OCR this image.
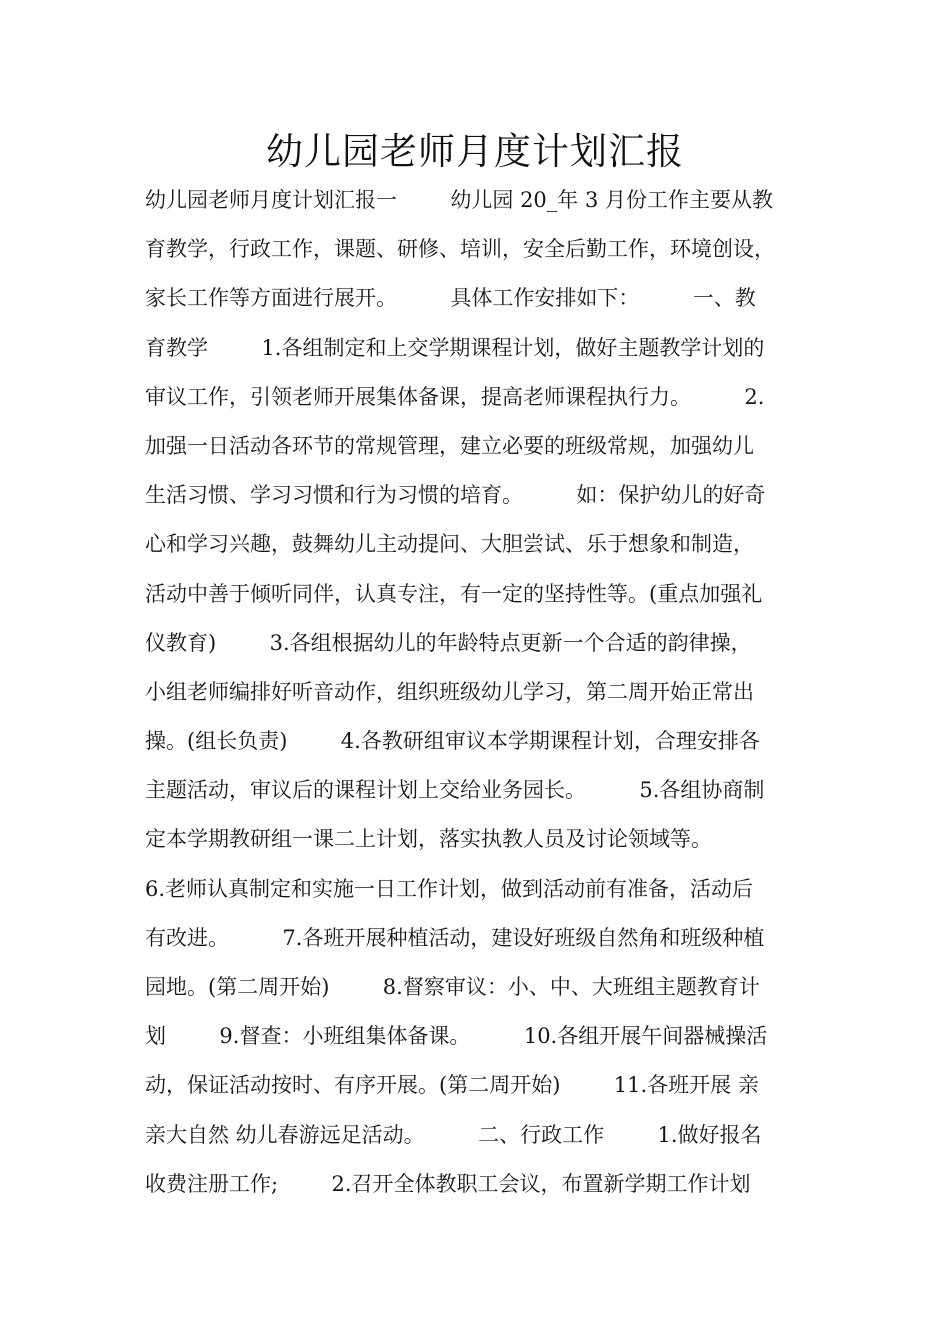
幼儿园老师月度计划汇报
幼儿园老师月度计划汇报一        幼儿园 20_年 3 月份工作主要从教
育教学，行政工作，课题、研修、培训，安全后勤工作，环境创设，
家长工作等方面进行展开。        具体工作安排如下：        一、教
育教学        1.各组制定和上交学期课程计划，做好主题教学计划的
审议工作，引领老师开展集体备课，提高老师课程执行力。        2.
加强一日活动各环节的常规管理，建立必要的班级常规，加强幼儿
生活习惯、学习习惯和行为习惯的培育。        如：保护幼儿的好奇
心和学习兴趣，鼓舞幼儿主动提问、大胆尝试、乐于想象和制造，
活动中善于倾听同伴，认真专注，有一定的坚持性等。(重点加强礼
仪教育)        3.各组根据幼儿的年龄特点更新一个合适的韵律操，
小组老师编排好听音动作，组织班级幼儿学习，第二周开始正常出
操。(组长负责)        4.各教研组审议本学期课程计划，合理安排各
主题活动，审议后的课程计划上交给业务园长。        5.各组协商制
定本学期教研组一课二上计划，落实执教人员及讨论领域等。
6.老师认真制定和实施一日工作计划，做到活动前有准备，活动后
有改进。        7.各班开展种植活动，建设好班级自然角和班级种植
园地。(第二周开始)        8.督察审议：小、中、大班组主题教育计
划        9.督查：小班组集体备课。        10.各组开展午间器械操活
动，保证活动按时、有序开展。(第二周开始)        11.各班开展 亲
亲大自然 幼儿春游远足活动。        二、行政工作        1.做好报名
收费注册工作;        2.召开全体教职工会议，布置新学期工作计划
